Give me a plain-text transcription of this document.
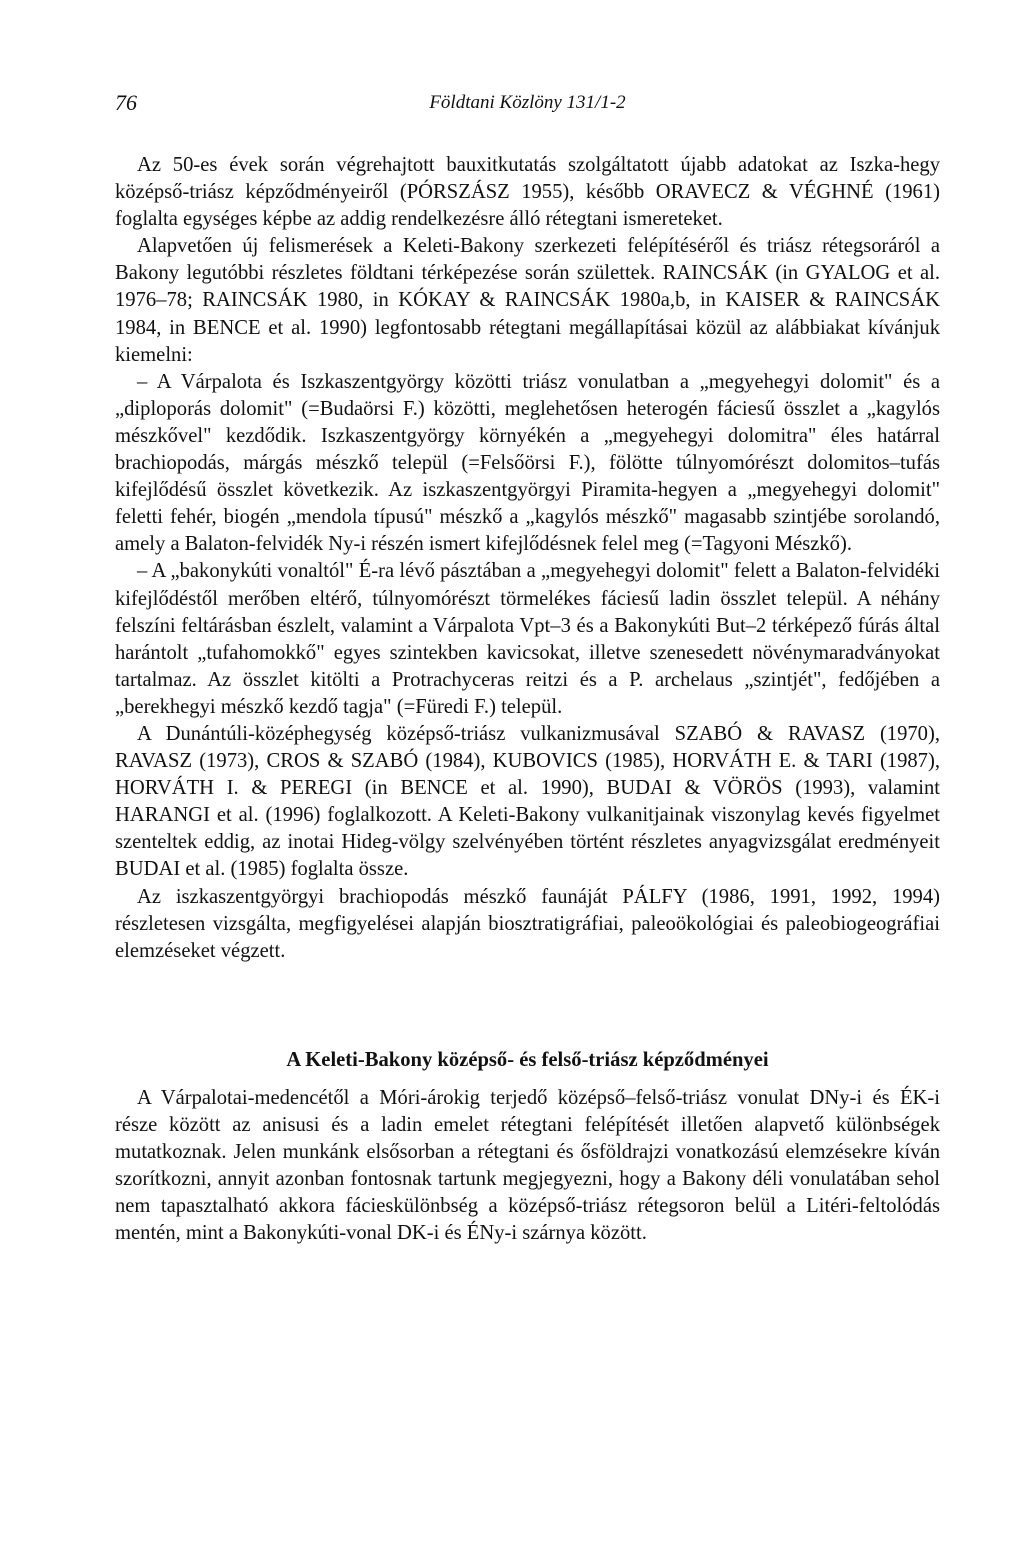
76	Földtani Közlöny 131/1-2

Az 50-es évek során végrehajtott bauxitkutatás szolgáltatott újabb adatokat az Iszka-hegy középső-triász képződményeiről (PÓRSZÁSZ 1955), később ORAVECZ & VÉGHNÉ (1961) foglalta egységes képbe az addig rendelkezésre álló rétegtani ismereteket.

Alapvetően új felismerések a Keleti-Bakony szerkezeti felépítéséről és triász rétegsoráról a Bakony legutóbbi részletes földtani térképezése során születtek. RAINCSÁK (in GYALOG et al. 1976–78; RAINCSÁK 1980, in KÓKAY & RAINCSÁK 1980a,b, in KAISER & RAINCSÁK 1984, in BENCE et al. 1990) legfontosabb rétegtani megállapításai közül az alábbiakat kívánjuk kiemelni:

– A Várpalota és Iszkaszentgyörgy közötti triász vonulatban a „megyehegyi dolomit" és a „diploporás dolomit" (=Budaörsi F.) közötti, meglehetősen heterogén fáciesű összlet a „kagylós mészkővel" kezdődik. Iszkaszentgyörgy környékén a „megyehegyi dolomitra" éles határral brachiopodás, márgás mészkő települ (=Felsőörsi F.), fölötte túlnyomórészt dolomitos–tufás kifejlődésű összlet következik. Az iszkaszentgyörgyi Piramita-hegyen a „megyehegyi dolomit" feletti fehér, biogén „mendola típusú" mészkő a „kagylós mészkő" magasabb szintjébe sorolandó, amely a Balaton-felvidék Ny-i részén ismert kifejlődésnek felel meg (=Tagyoni Mészkő).

– A „bakonykúti vonaltól" É-ra lévő pásztában a „megyehegyi dolomit" felett a Balaton-felvidéki kifejlődéstől merőben eltérő, túlnyomórészt törmelékes fáciesű ladin összlet települ. A néhány felszíni feltárásban észlelt, valamint a Várpalota Vpt–3 és a Bakonykúti But–2 térképező fúrás által harántolt „tufahomokkő" egyes szintekben kavicsokat, illetve szenesedett növénymaradványokat tartalmaz. Az összlet kitölti a Protrachyceras reitzi és a P. archelaus „szintjét", fedőjében a „berekhegyi mészkő kezdő tagja" (=Füredi F.) települ.

A Dunántúli-középhegység középső-triász vulkanizmusával SZABÓ & RAVASZ (1970), RAVASZ (1973), CROS & SZABÓ (1984), KUBOVICS (1985), HORVÁTH E. & TARI (1987), HORVÁTH I. & PEREGI (in BENCE et al. 1990), BUDAI & VÖRÖS (1993), valamint HARANGI et al. (1996) foglalkozott. A Keleti-Bakony vulkanitjainak viszonylag kevés figyelmet szenteltek eddig, az inotai Hideg-völgy szelvényében történt részletes anyagvizsgálat eredményeit BUDAI et al. (1985) foglalta össze.

Az iszkaszentgyörgyi brachiopodás mészkő faunáját PÁLFY (1986, 1991, 1992, 1994) részletesen vizsgálta, megfigyelései alapján biosztratigráfiai, paleoökológiai és paleobiogeográfiai elemzéseket végzett.

A Keleti-Bakony középső- és felső-triász képződményei

A Várpalotai-medencétől a Móri-árokig terjedő középső–felső-triász vonulat DNy-i és ÉK-i része között az anisusi és a ladin emelet rétegtani felépítését illetően alapvető különbségek mutatkoznak. Jelen munkánk elsősorban a rétegtani és ősföldrajzi vonatkozású elemzésekre kíván szorítkozni, annyit azonban fontosnak tartunk megjegyezni, hogy a Bakony déli vonulatában sehol nem tapasztalható akkora fácieskülönbség a középső-triász rétegsoron belül a Litéri-feltolódás mentén, mint a Bakonykúti-vonal DK-i és ÉNy-i szárnya között.
